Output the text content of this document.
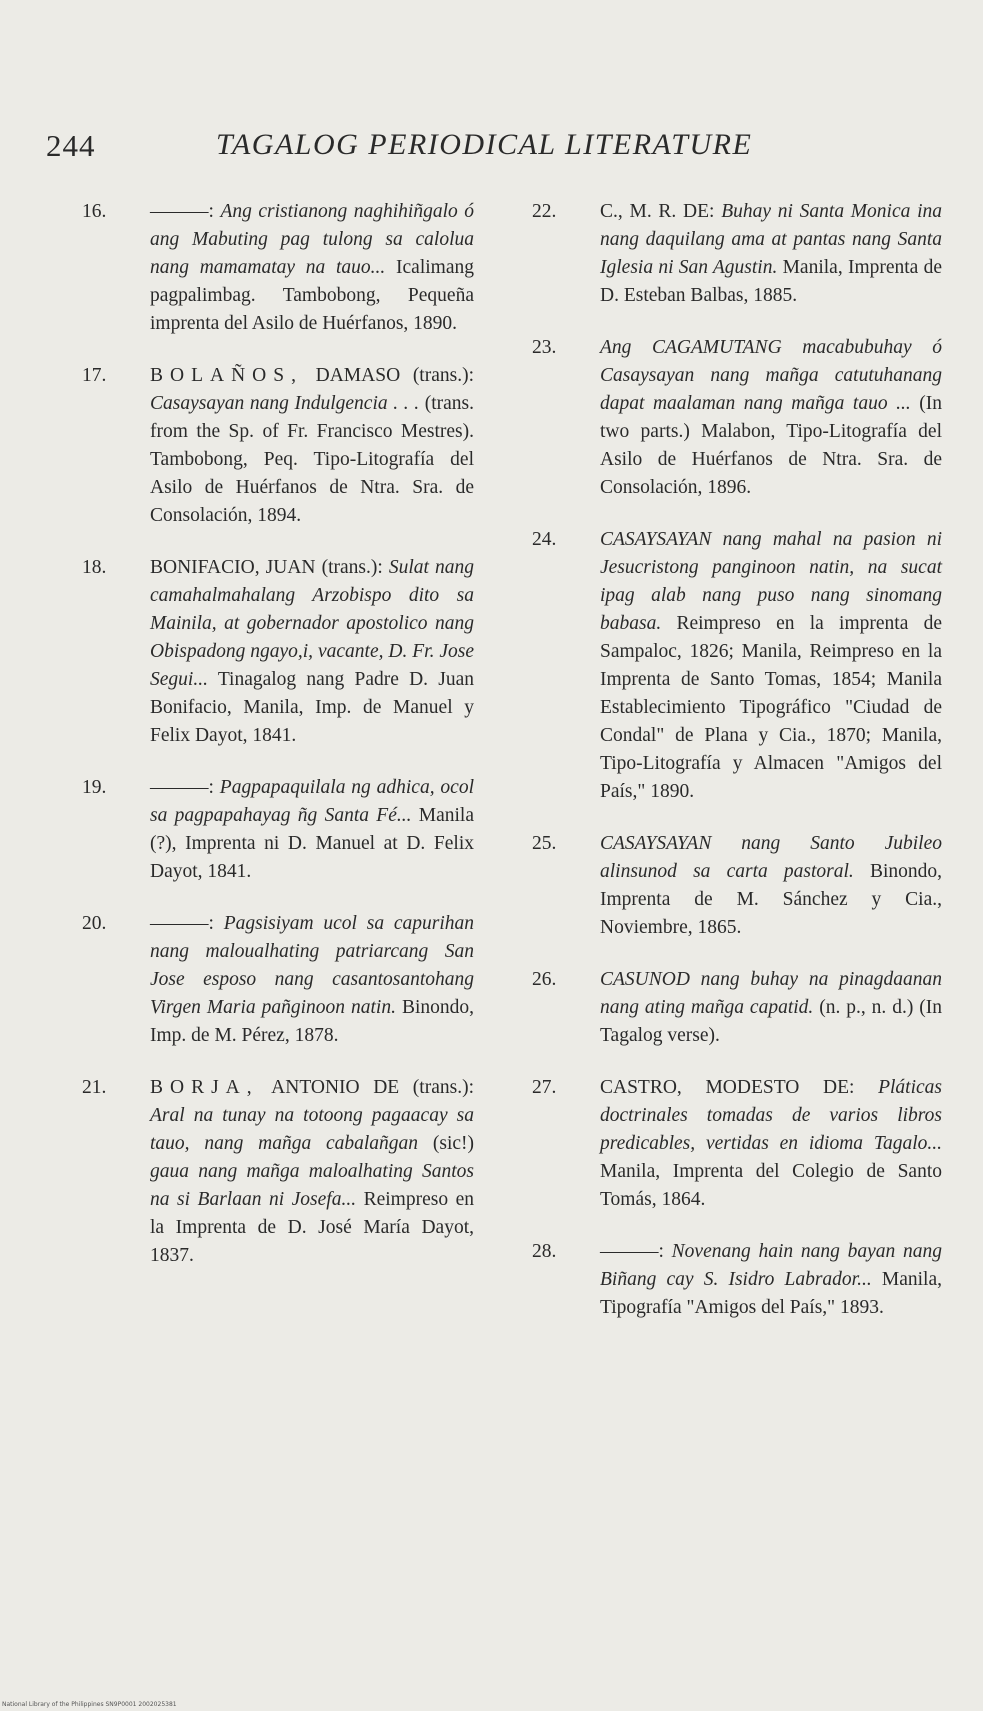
244	TAGALOG PERIODICAL LITERATURE
16. ———: Ang cristianong naghihiñgalo ó ang Mabuting pag tulong sa calolua nang mamamatay na tauo... Icalimang pagpalimbag. Tambobong, Pequeña imprenta del Asilo de Huérfanos, 1890.
17. BOLAÑOS, DAMASO (trans.): Casaysayan nang Indulgencia . . . (trans. from the Sp. of Fr. Francisco Mestres). Tambobong, Peq. Tipo-Litografía del Asilo de Huérfanos de Ntra. Sra. de Consolación, 1894.
18. BONIFACIO, JUAN (trans.): Sulat nang camahalmahalang Arzobispo dito sa Mainila, at gobernador apostolico nang Obispadong ngayo,i, vacante, D. Fr. Jose Segui... Tinagalog nang Padre D. Juan Bonifacio, Manila, Imp. de Manuel y Felix Dayot, 1841.
19. ———: Pagpapaquilala ng adhica, ocol sa pagpapahayag ñg Santa Fé... Manila (?), Imprenta ni D. Manuel at D. Felix Dayot, 1841.
20. ———: Pagsisiyam ucol sa capurihan nang maloualhating patriarcang San Jose esposo nang casantosantohang Virgen Maria pañginoon natin. Binondo, Imp. de M. Pérez, 1878.
21. BORJA, ANTONIO DE (trans.): Aral na tunay na totoong pagaacay sa tauo, nang mañga cabalañgan (sic!) gaua nang mañga maloalhating Santos na si Barlaan ni Josefa... Reimpreso en la Imprenta de D. José María Dayot, 1837.
22. C., M. R. DE: Buhay ni Santa Monica ina nang daquilang ama at pantas nang Santa Iglesia ni San Agustin. Manila, Imprenta de D. Esteban Balbas, 1885.
23. Ang CAGAMUTANG macabubuhay ó Casaysayan nang mañga catutuhanang dapat maalaman nang mañga tauo ... (In two parts.) Malabon, Tipo-Litografía del Asilo de Huérfanos de Ntra. Sra. de Consolación, 1896.
24. CASAYSAYAN nang mahal na pasion ni Jesucristong panginoon natin, na sucat ipag alab nang puso nang sinomang babasa. Reimpreso en la imprenta de Sampaloc, 1826; Manila, Reimpreso en la Imprenta de Santo Tomas, 1854; Manila Establecimiento Tipográfico "Ciudad de Condal" de Plana y Cia., 1870; Manila, Tipo-Litografía y Almacen "Amigos del País," 1890.
25. CASAYSAYAN nang Santo Jubileo alinsunod sa carta pastoral. Binondo, Imprenta de M. Sánchez y Cia., Noviembre, 1865.
26. CASUNOD nang buhay na pinagdaanan nang ating mañga capatid. (n. p., n. d.) (In Tagalog verse).
27. CASTRO, MODESTO DE: Pláticas doctrinales tomadas de varios libros predicables, vertidas en idioma Tagalo... Manila, Imprenta del Colegio de Santo Tomás, 1864.
28. ———: Novenang hain nang bayan nang Biñang cay S. Isidro Labrador... Manila, Tipografía "Amigos del País," 1893.
National Library of the Philippines SN9P0001 2002025381
